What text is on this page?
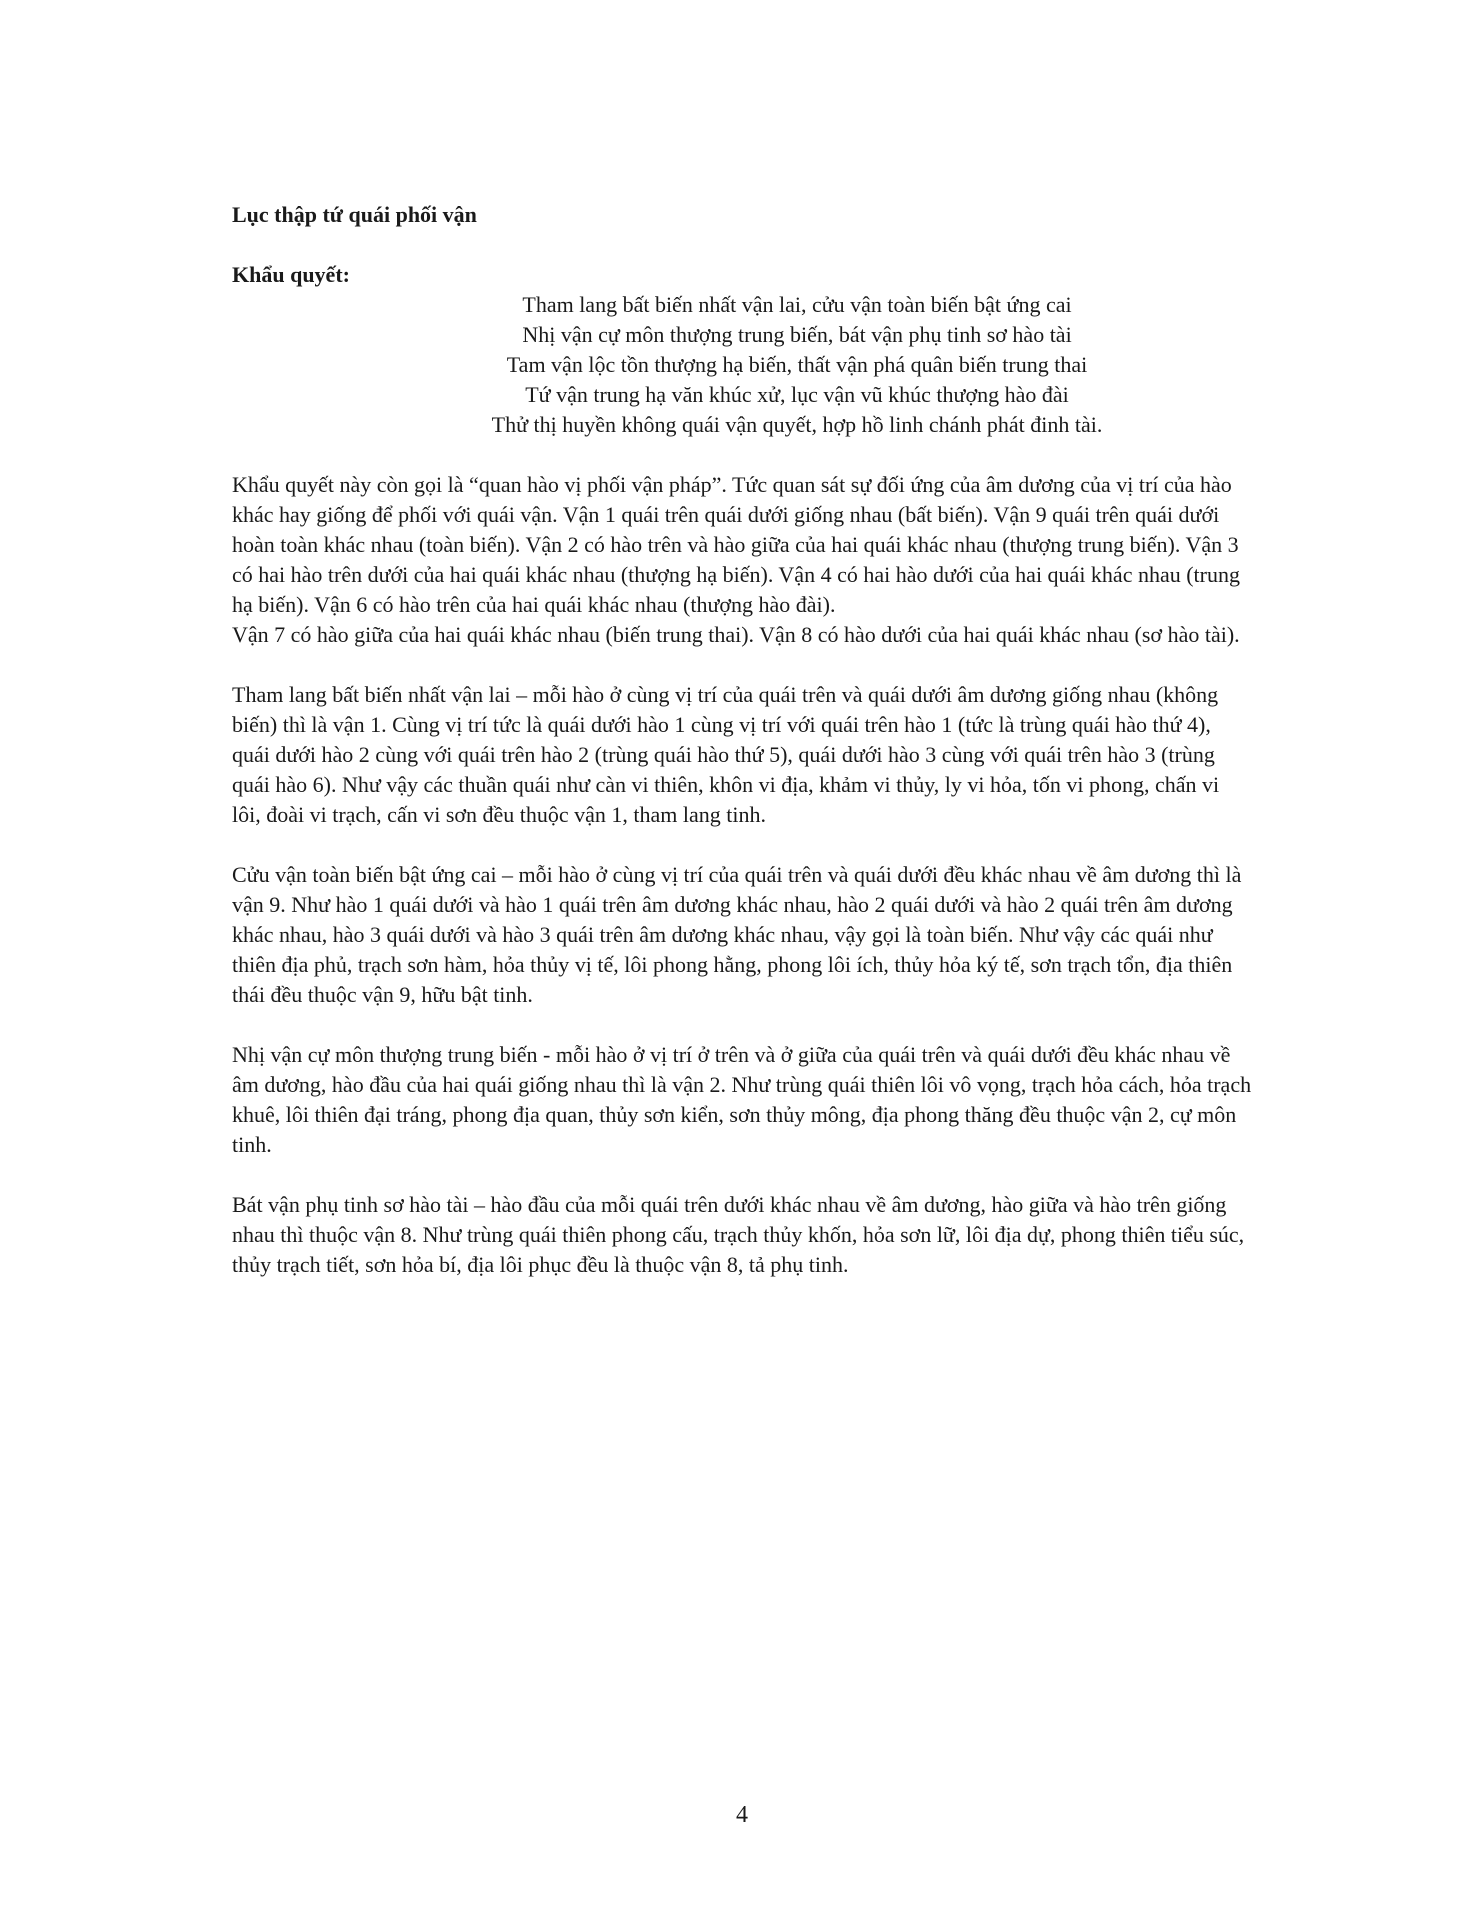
Lục thập tứ quái phối vận

Khẩu quyết:

Tham lang bất biến nhất vận lai, cửu vận toàn biến bật ứng cai
Nhị vận cự môn thượng trung biến, bát vận phụ tinh sơ hào tài
Tam vận lộc tồn thượng hạ biến, thất vận phá quân biến trung thai
Tứ vận trung hạ văn khúc xử, lục vận vũ khúc thượng hào đài
Thử thị huyền không quái vận quyết, hợp hồ linh chánh phát đinh tài.

Khẩu quyết này còn gọi là “quan hào vị phối vận pháp”. Tức quan sát sự đối ứng của âm dương của vị trí của hào khác hay giống để phối với quái vận. Vận 1 quái trên quái dưới giống nhau (bất biến). Vận 9 quái trên quái dưới hoàn toàn khác nhau (toàn biến). Vận 2 có hào trên và hào giữa của hai quái khác nhau (thượng trung biến). Vận 3 có hai hào trên dưới của hai quái khác nhau (thượng hạ biến). Vận 4 có hai hào dưới của hai quái khác nhau (trung hạ biến). Vận 6 có hào trên của hai quái khác nhau (thượng hào đài).

Vận 7 có hào giữa của hai quái khác nhau (biến trung thai). Vận 8 có hào dưới của hai quái khác nhau (sơ hào tài).

Tham lang bất biến nhất vận lai – mỗi hào ở cùng vị trí của quái trên và quái dưới âm dương giống nhau (không biến) thì là vận 1. Cùng vị trí tức là quái dưới hào 1 cùng vị trí với quái trên hào 1 (tức là trùng quái hào thứ 4), quái dưới hào 2 cùng với quái trên hào 2 (trùng quái hào thứ 5), quái dưới hào 3 cùng với quái trên hào 3 (trùng quái hào 6). Như vậy các thuần quái như càn vi thiên, khôn vi địa, khảm vi thủy, ly vi hỏa, tốn vi phong, chấn vi lôi, đoài vi trạch, cấn vi sơn đều thuộc vận 1, tham lang tinh.

Cửu vận toàn biến bật ứng cai – mỗi hào ở cùng vị trí của quái trên và quái dưới đều khác nhau về âm dương thì là vận 9. Như hào 1 quái dưới và hào 1 quái trên âm dương khác nhau, hào 2 quái dưới và hào 2 quái trên âm dương khác nhau, hào 3 quái dưới và hào 3 quái trên âm dương khác nhau, vậy gọi là toàn biến. Như vậy các quái như thiên địa phủ, trạch sơn hàm, hỏa thủy vị tế, lôi phong hằng, phong lôi ích, thủy hỏa ký tế, sơn trạch tổn, địa thiên thái đều thuộc vận 9, hữu bật tinh.

Nhị vận cự môn thượng trung biến - mỗi hào ở vị trí ở trên và ở giữa của quái trên và quái dưới đều khác nhau về âm dương, hào đầu của hai quái giống nhau thì là vận 2. Như trùng quái thiên lôi vô vọng, trạch hỏa cách, hỏa trạch khuê, lôi thiên đại tráng, phong địa quan, thủy sơn kiển, sơn thủy mông, địa phong thăng đều thuộc vận 2, cự môn tinh.

Bát vận phụ tinh sơ hào tài – hào đầu của mỗi quái trên dưới khác nhau về âm dương, hào giữa và hào trên giống nhau thì thuộc vận 8. Như trùng quái thiên phong cấu, trạch thủy khốn, hỏa sơn lữ, lôi địa dự, phong thiên tiểu súc, thủy trạch tiết, sơn hỏa bí, địa lôi phục đều là thuộc vận 8, tả phụ tinh.

4
